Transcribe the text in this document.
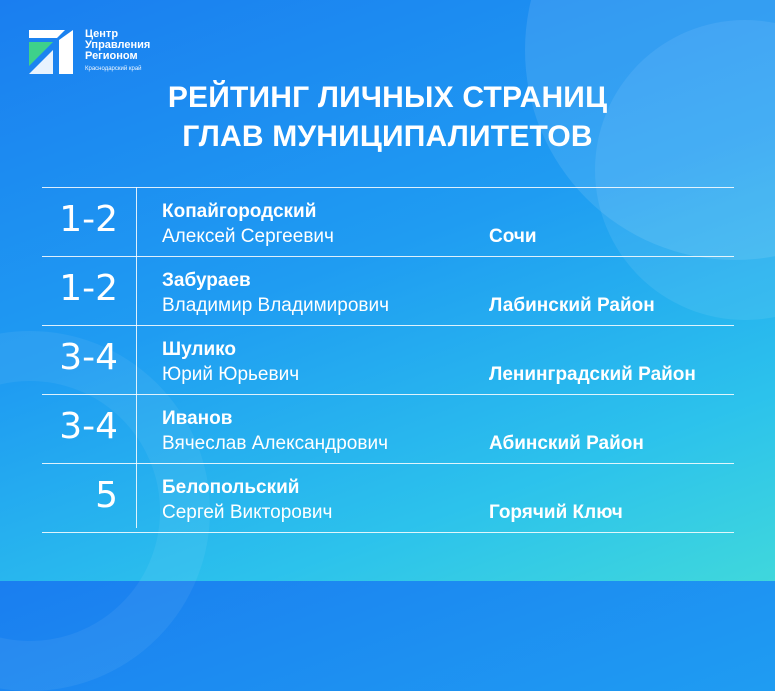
Центр
Управления
Регионом
Краснодарский край
РЕЙТИНГ ЛИЧНЫХ СТРАНИЦ
ГЛАВ МУНИЦИПАЛИТЕТОВ
1-2 Копайгородский
Алексей Сергеевич	Сочи
1-2 Забураев
Владимир Владимирович	Лабинский Район
3-4 Шулико
Юрий Юрьевич	Ленинградский Район
3-4 Иванов
Вячеслав Александрович	Абинский Район
5 Белопольский
Сергей Викторович	Горячий Ключ
